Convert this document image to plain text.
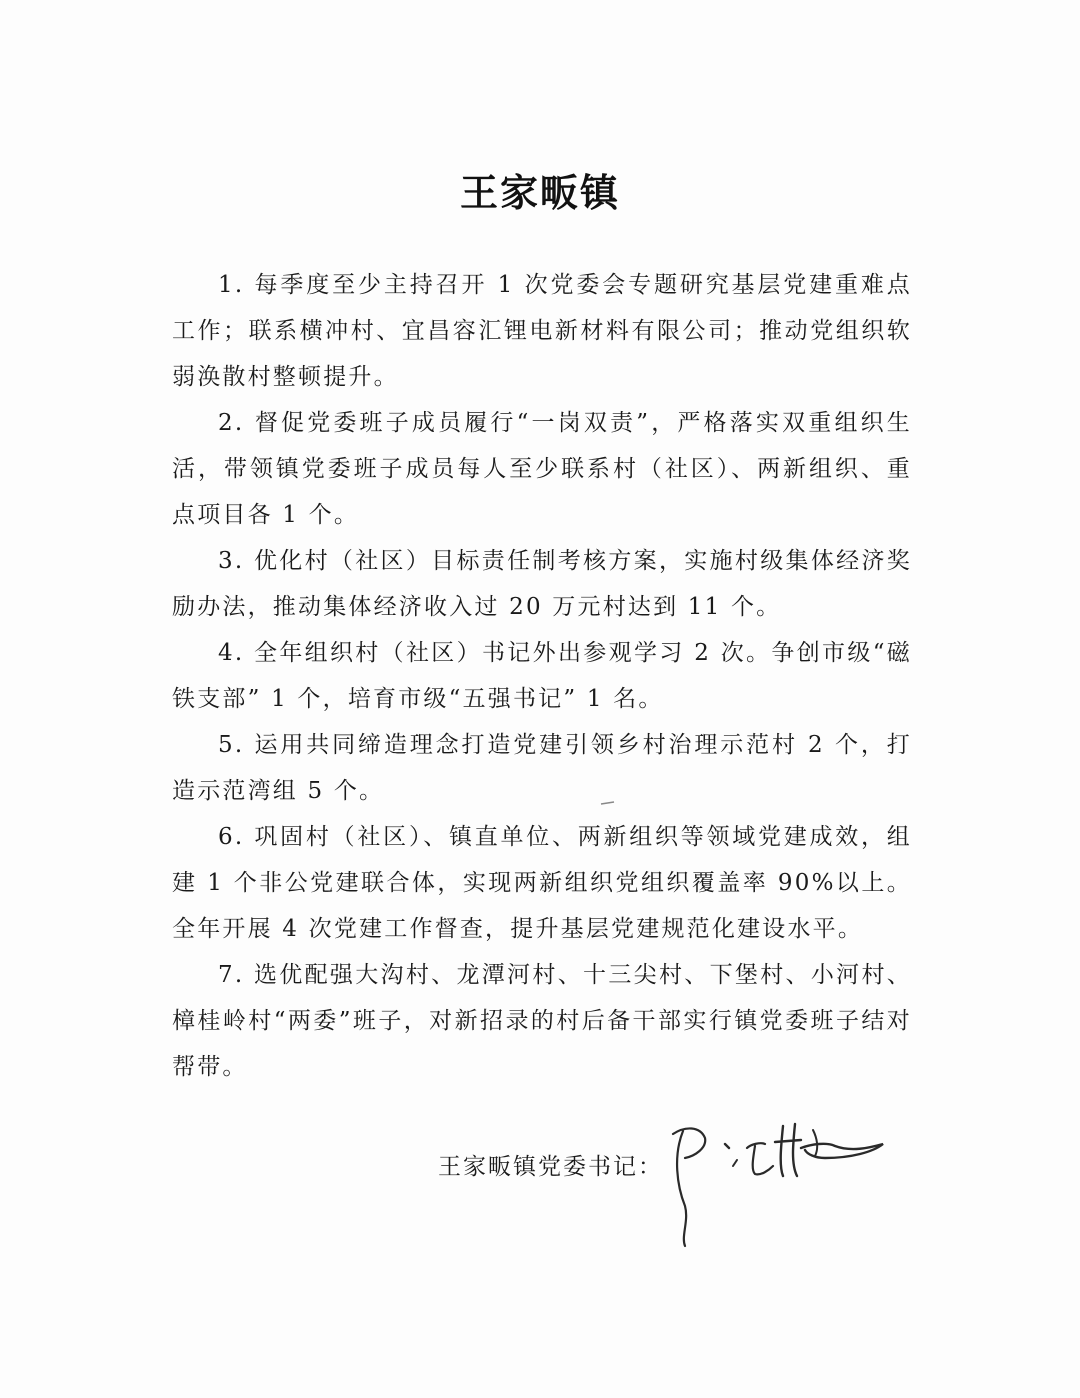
王家畈镇

1. 每季度至少主持召开 1 次党委会专题研究基层党建重难点工作；联系横冲村、宜昌容汇锂电新材料有限公司；推动党组织软弱涣散村整顿提升。

2. 督促党委班子成员履行“一岗双责”，严格落实双重组织生活，带领镇党委班子成员每人至少联系村（社区）、两新组织、重点项目各 1 个。

3. 优化村（社区）目标责任制考核方案，实施村级集体经济奖励办法，推动集体经济收入过 20 万元村达到 11 个。

4. 全年组织村（社区）书记外出参观学习 2 次。争创市级“磁铁支部” 1 个，培育市级“五强书记” 1 名。

5. 运用共同缔造理念打造党建引领乡村治理示范村 2 个，打造示范湾组 5 个。

6. 巩固村（社区）、镇直单位、两新组织等领域党建成效，组建 1 个非公党建联合体，实现两新组织党组织覆盖率 90%以上。全年开展 4 次党建工作督查，提升基层党建规范化建设水平。

7. 选优配强大沟村、龙潭河村、十三尖村、下堡村、小河村、樟桂岭村“两委”班子，对新招录的村后备干部实行镇党委班子结对帮带。

王家畈镇党委书记：
